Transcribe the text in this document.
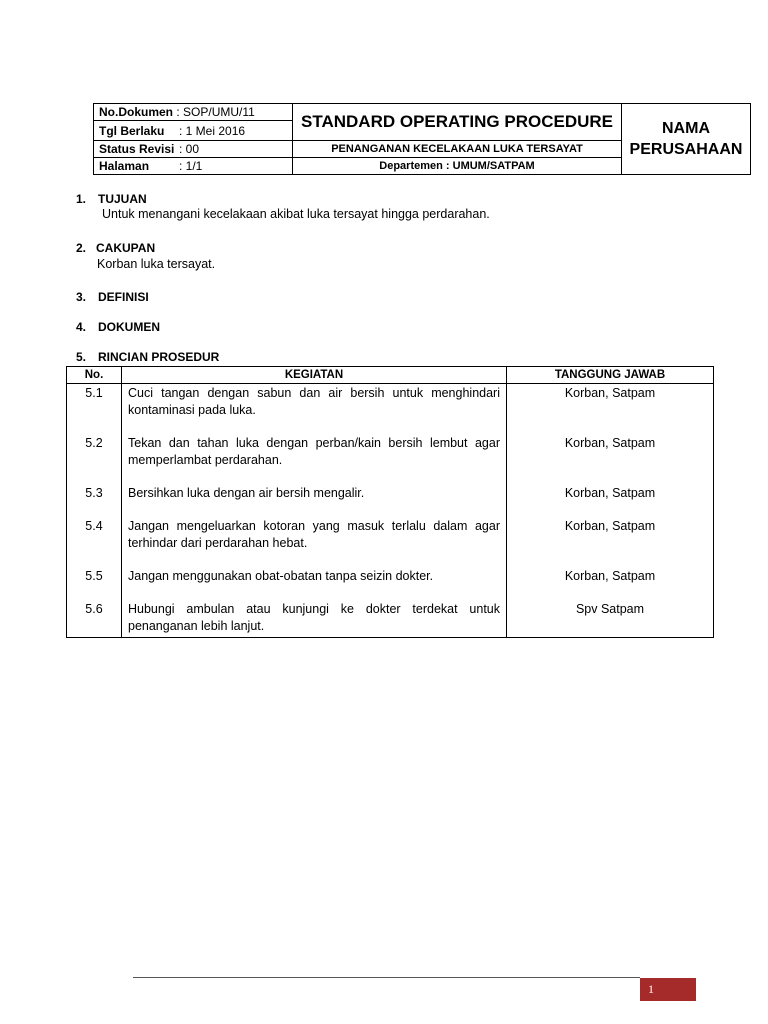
No.Dokumen : SOP/UMU/11	STANDARD OPERATING PROCEDURE	NAMA
PERUSAHAAN
Tgl Berlaku : 1 Mei 2016		
Status Revisi : 00	PENANGANAN KECELAKAAN LUKA TERSAYAT	
Halaman : 1/1	Departemen : UMUM/SATPAM	
1. TUJUAN
Untuk menangani kecelakaan akibat luka tersayat hingga perdarahan.
2. CAKUPAN
Korban luka tersayat.
3. DEFINISI
4. DOKUMEN
5. RINCIAN PROSEDUR
No.	KEGIATAN	TANGGUNG JAWAB
5.1	Cuci tangan dengan sabun dan air bersih untuk menghindari kontaminasi pada luka.	Korban, Satpam
5.2	Tekan dan tahan luka dengan perban/kain bersih lembut agar memperlambat perdarahan.	Korban, Satpam
5.3	Bersihkan luka dengan air bersih mengalir.	Korban, Satpam
5.4	Jangan mengeluarkan kotoran yang masuk terlalu dalam agar terhindar dari perdarahan hebat.	Korban, Satpam
5.5	Jangan menggunakan obat-obatan tanpa seizin dokter.	Korban, Satpam
5.6	Hubungi ambulan atau kunjungi ke dokter terdekat untuk penanganan lebih lanjut.	Spv Satpam
1
